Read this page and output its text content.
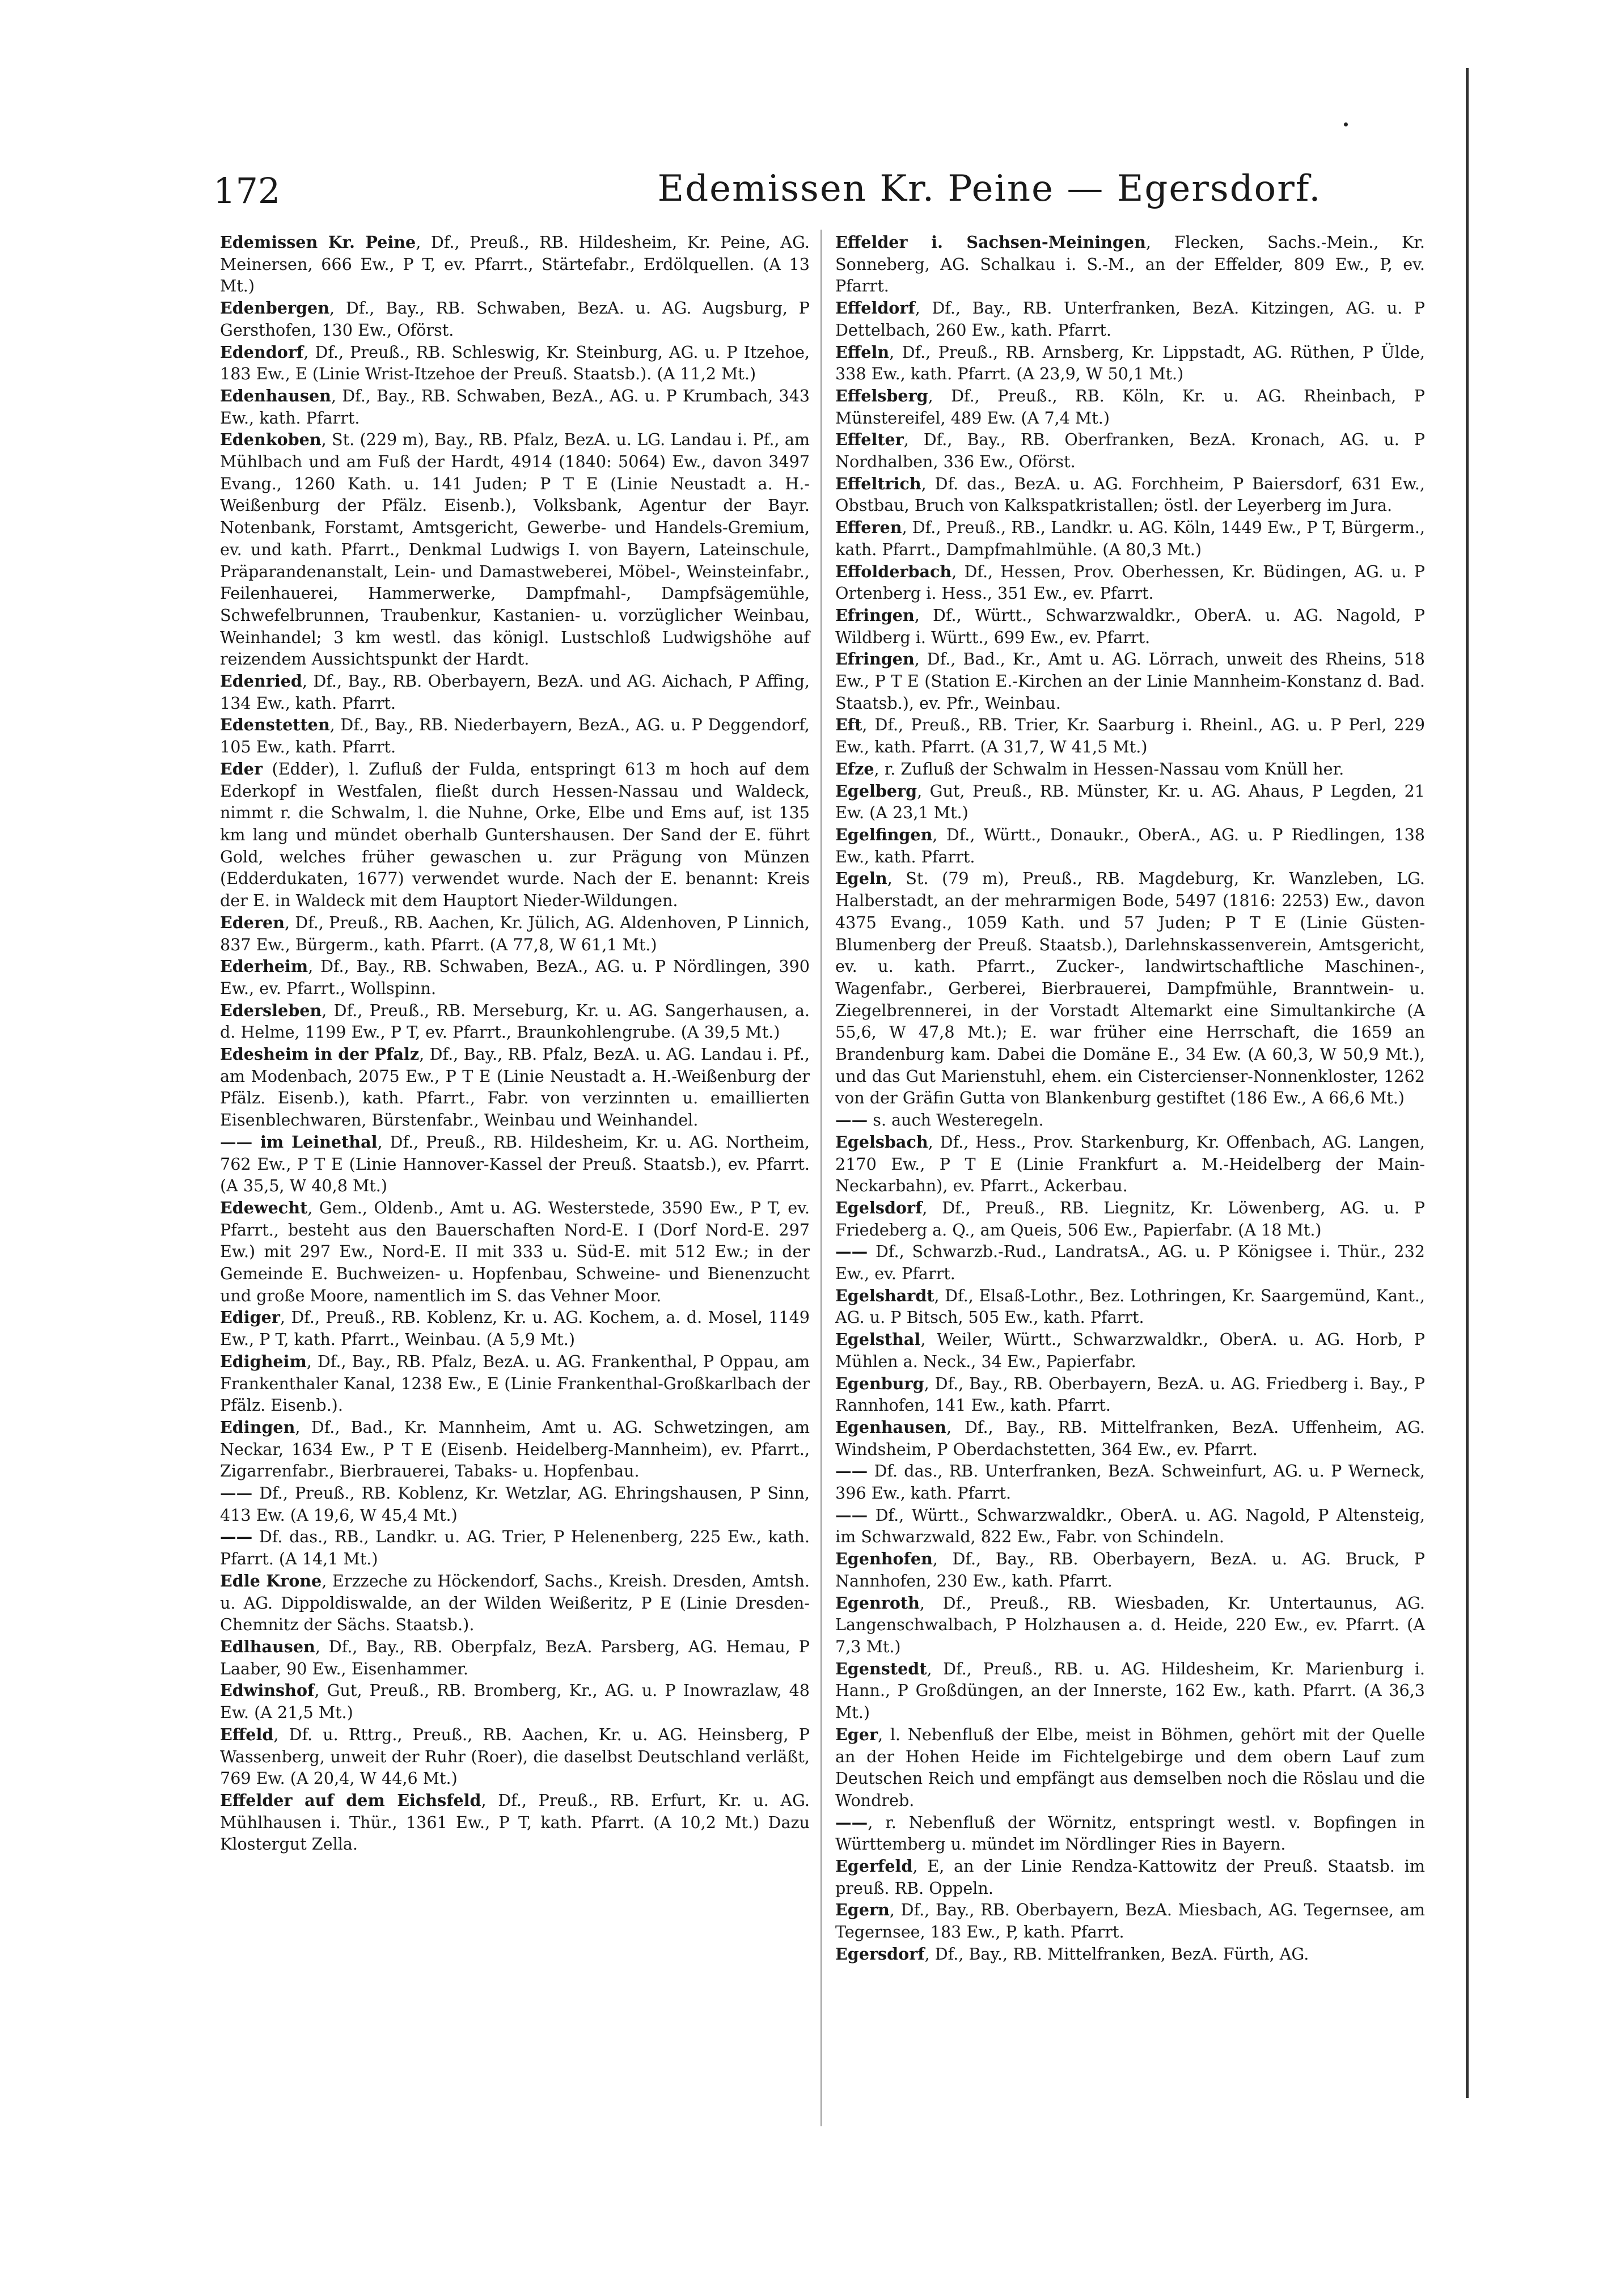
172	Edemissen Kr. Peine — Egersdorf.

Edemissen Kr. Peine, Df., Preuß., RB. Hildesheim, Kr. Peine, AG. Meinersen, 666 Ew., P T, ev. Pfarrt., Stärtefabr., Erdölquellen. (A 13 Mt.)

Edenbergen, Df., Bay., RB. Schwaben, BezA. u. AG. Augsburg, P Gersthofen, 130 Ew., Oförst.

Edendorf, Df., Preuß., RB. Schleswig, Kr. Steinburg, AG. u. P Itzehoe, 183 Ew., E (Linie Wrist-Itzehoe der Preuß. Staatsb.). (A 11,2 Mt.)

Edenhausen, Df., Bay., RB. Schwaben, BezA., AG. u. P Krumbach, 343 Ew., kath. Pfarrt.

Edenkoben, St. (229 m), Bay., RB. Pfalz, BezA. u. LG. Landau i. Pf., am Mühlbach und am Fuß der Hardt, 4914 (1840: 5064) Ew., davon 3497 Evang., 1260 Kath. u. 141 Juden; P T E (Linie Neustadt a. H.-Weißenburg der Pfälz. Eisenb.), Volksbank, Agentur der Bayr. Notenbank, Forstamt, Amtsgericht, Gewerbe- und Handels-Gremium, ev. und kath. Pfarrt., Denkmal Ludwigs I. von Bayern, Lateinschule, Präparandenanstalt, Lein- und Damastweberei, Möbel-, Weinsteinfabr., Feilenhauerei, Hammerwerke, Dampfmahl-, Dampfsägemühle, Schwefelbrunnen, Traubenkur, Kastanien- u. vorzüglicher Weinbau, Weinhandel; 3 km westl. das königl. Lustschloß Ludwigshöhe auf reizendem Aussichtspunkt der Hardt.

Edenried, Df., Bay., RB. Oberbayern, BezA. und AG. Aichach, P Affing, 134 Ew., kath. Pfarrt.

Edenstetten, Df., Bay., RB. Niederbayern, BezA., AG. u. P Deggendorf, 105 Ew., kath. Pfarrt.

Eder (Edder), l. Zufluß der Fulda, entspringt 613 m hoch auf dem Ederkopf in Westfalen, fließt durch Hessen-Nassau und Waldeck, nimmt r. die Schwalm, l. die Nuhne, Orke, Elbe und Ems auf, ist 135 km lang und mündet oberhalb Guntershausen. Der Sand der E. führt Gold, welches früher gewaschen u. zur Prägung von Münzen (Edderdukaten, 1677) verwendet wurde. Nach der E. benannt: Kreis der E. in Waldeck mit dem Hauptort Nieder-Wildungen.

Ederen, Df., Preuß., RB. Aachen, Kr. Jülich, AG. Aldenhoven, P Linnich, 837 Ew., Bürgerm., kath. Pfarrt. (A 77,8, W 61,1 Mt.)

Ederheim, Df., Bay., RB. Schwaben, BezA., AG. u. P Nördlingen, 390 Ew., ev. Pfarrt., Wollspinn.

Edersleben, Df., Preuß., RB. Merseburg, Kr. u. AG. Sangerhausen, a. d. Helme, 1199 Ew., P T, ev. Pfarrt., Braunkohlengrube. (A 39,5 Mt.)

Edesheim in der Pfalz, Df., Bay., RB. Pfalz, BezA. u. AG. Landau i. Pf., am Modenbach, 2075 Ew., P T E (Linie Neustadt a. H.-Weißenburg der Pfälz. Eisenb.), kath. Pfarrt., Fabr. von verzinnten u. emaillierten Eisenblechwaren, Bürstenfabr., Weinbau und Weinhandel.

—— im Leinethal, Df., Preuß., RB. Hildesheim, Kr. u. AG. Northeim, 762 Ew., P T E (Linie Hannover-Kassel der Preuß. Staatsb.), ev. Pfarrt. (A 35,5, W 40,8 Mt.)

Edewecht, Gem., Oldenb., Amt u. AG. Westerstede, 3590 Ew., P T, ev. Pfarrt., besteht aus den Bauerschaften Nord-E. I (Dorf Nord-E. 297 Ew.) mit 297 Ew., Nord-E. II mit 333 u. Süd-E. mit 512 Ew.; in der Gemeinde E. Buchweizen- u. Hopfenbau, Schweine- und Bienenzucht und große Moore, namentlich im S. das Vehner Moor.

Ediger, Df., Preuß., RB. Koblenz, Kr. u. AG. Kochem, a. d. Mosel, 1149 Ew., P T, kath. Pfarrt., Weinbau. (A 5,9 Mt.)

Edigheim, Df., Bay., RB. Pfalz, BezA. u. AG. Frankenthal, P Oppau, am Frankenthaler Kanal, 1238 Ew., E (Linie Frankenthal-Großkarlbach der Pfälz. Eisenb.).

Edingen, Df., Bad., Kr. Mannheim, Amt u. AG. Schwetzingen, am Neckar, 1634 Ew., P T E (Eisenb. Heidelberg-Mannheim), ev. Pfarrt., Zigarrenfabr., Bierbrauerei, Tabaks- u. Hopfenbau.

—— Df., Preuß., RB. Koblenz, Kr. Wetzlar, AG. Ehringshausen, P Sinn, 413 Ew. (A 19,6, W 45,4 Mt.)

—— Df. das., RB., Landkr. u. AG. Trier, P Helenenberg, 225 Ew., kath. Pfarrt. (A 14,1 Mt.)

Edle Krone, Erzzeche zu Höckendorf, Sachs., Kreish. Dresden, Amtsh. u. AG. Dippoldiswalde, an der Wilden Weißeritz, P E (Linie Dresden-Chemnitz der Sächs. Staatsb.).

Edlhausen, Df., Bay., RB. Oberpfalz, BezA. Parsberg, AG. Hemau, P Laaber, 90 Ew., Eisenhammer.

Edwinshof, Gut, Preuß., RB. Bromberg, Kr., AG. u. P Inowrazlaw, 48 Ew. (A 21,5 Mt.)

Effeld, Df. u. Rttrg., Preuß., RB. Aachen, Kr. u. AG. Heinsberg, P Wassenberg, unweit der Ruhr (Roer), die daselbst Deutschland verläßt, 769 Ew. (A 20,4, W 44,6 Mt.)

Effelder auf dem Eichsfeld, Df., Preuß., RB. Erfurt, Kr. u. AG. Mühlhausen i. Thür., 1361 Ew., P T, kath. Pfarrt. (A 10,2 Mt.) Dazu Klostergut Zella.

Effelder i. Sachsen-Meiningen, Flecken, Sachs.-Mein., Kr. Sonneberg, AG. Schalkau i. S.-M., an der Effelder, 809 Ew., P, ev. Pfarrt.

Effeldorf, Df., Bay., RB. Unterfranken, BezA. Kitzingen, AG. u. P Dettelbach, 260 Ew., kath. Pfarrt.

Effeln, Df., Preuß., RB. Arnsberg, Kr. Lippstadt, AG. Rüthen, P Ülde, 338 Ew., kath. Pfarrt. (A 23,9, W 50,1 Mt.)

Effelsberg, Df., Preuß., RB. Köln, Kr. u. AG. Rheinbach, P Münstereifel, 489 Ew. (A 7,4 Mt.)

Effelter, Df., Bay., RB. Oberfranken, BezA. Kronach, AG. u. P Nordhalben, 336 Ew., Oförst.

Effeltrich, Df. das., BezA. u. AG. Forchheim, P Baiersdorf, 631 Ew., Obstbau, Bruch von Kalkspatkristallen; östl. der Leyerberg im Jura.

Efferen, Df., Preuß., RB., Landkr. u. AG. Köln, 1449 Ew., P T, Bürgerm., kath. Pfarrt., Dampfmahlmühle. (A 80,3 Mt.)

Effolderbach, Df., Hessen, Prov. Oberhessen, Kr. Büdingen, AG. u. P Ortenberg i. Hess., 351 Ew., ev. Pfarrt.

Efringen, Df., Württ., Schwarzwaldkr., OberA. u. AG. Nagold, P Wildberg i. Württ., 699 Ew., ev. Pfarrt.

Efringen, Df., Bad., Kr., Amt u. AG. Lörrach, unweit des Rheins, 518 Ew., P T E (Station E.-Kirchen an der Linie Mannheim-Konstanz d. Bad. Staatsb.), ev. Pfr., Weinbau.

Eft, Df., Preuß., RB. Trier, Kr. Saarburg i. Rheinl., AG. u. P Perl, 229 Ew., kath. Pfarrt. (A 31,7, W 41,5 Mt.)

Efze, r. Zufluß der Schwalm in Hessen-Nassau vom Knüll her.

Egelberg, Gut, Preuß., RB. Münster, Kr. u. AG. Ahaus, P Legden, 21 Ew. (A 23,1 Mt.)

Egelfingen, Df., Württ., Donaukr., OberA., AG. u. P Riedlingen, 138 Ew., kath. Pfarrt.

Egeln, St. (79 m), Preuß., RB. Magdeburg, Kr. Wanzleben, LG. Halberstadt, an der mehrarmigen Bode, 5497 (1816: 2253) Ew., davon 4375 Evang., 1059 Kath. und 57 Juden; P T E (Linie Güsten-Blumenberg der Preuß. Staatsb.), Darlehnskassenverein, Amtsgericht, ev. u. kath. Pfarrt., Zucker-, landwirtschaftliche Maschinen-, Wagenfabr., Gerberei, Bierbrauerei, Dampfmühle, Branntwein- u. Ziegelbrennerei, in der Vorstadt Altemarkt eine Simultankirche (A 55,6, W 47,8 Mt.); E. war früher eine Herrschaft, die 1659 an Brandenburg kam. Dabei die Domäne E., 34 Ew. (A 60,3, W 50,9 Mt.), und das Gut Marienstuhl, ehem. ein Cistercienser-Nonnenkloster, 1262 von der Gräfin Gutta von Blankenburg gestiftet (186 Ew., A 66,6 Mt.)

—— s. auch Westeregeln.

Egelsbach, Df., Hess., Prov. Starkenburg, Kr. Offenbach, AG. Langen, 2170 Ew., P T E (Linie Frankfurt a. M.-Heidelberg der Main-Neckarbahn), ev. Pfarrt., Ackerbau.

Egelsdorf, Df., Preuß., RB. Liegnitz, Kr. Löwenberg, AG. u. P Friedeberg a. Q., am Queis, 506 Ew., Papierfabr. (A 18 Mt.)

—— Df., Schwarzb.-Rud., LandratsA., AG. u. P Königsee i. Thür., 232 Ew., ev. Pfarrt.

Egelshardt, Df., Elsaß-Lothr., Bez. Lothringen, Kr. Saargemünd, Kant., AG. u. P Bitsch, 505 Ew., kath. Pfarrt.

Egelsthal, Weiler, Württ., Schwarzwaldkr., OberA. u. AG. Horb, P Mühlen a. Neck., 34 Ew., Papierfabr.

Egenburg, Df., Bay., RB. Oberbayern, BezA. u. AG. Friedberg i. Bay., P Rannhofen, 141 Ew., kath. Pfarrt.

Egenhausen, Df., Bay., RB. Mittelfranken, BezA. Uffenheim, AG. Windsheim, P Oberdachstetten, 364 Ew., ev. Pfarrt.

—— Df. das., RB. Unterfranken, BezA. Schweinfurt, AG. u. P Werneck, 396 Ew., kath. Pfarrt.

—— Df., Württ., Schwarzwaldkr., OberA. u. AG. Nagold, P Altensteig, im Schwarzwald, 822 Ew., Fabr. von Schindeln.

Egenhofen, Df., Bay., RB. Oberbayern, BezA. u. AG. Bruck, P Nannhofen, 230 Ew., kath. Pfarrt.

Egenroth, Df., Preuß., RB. Wiesbaden, Kr. Untertaunus, AG. Langenschwalbach, P Holzhausen a. d. Heide, 220 Ew., ev. Pfarrt. (A 7,3 Mt.)

Egenstedt, Df., Preuß., RB. u. AG. Hildesheim, Kr. Marienburg i. Hann., P Großdüngen, an der Innerste, 162 Ew., kath. Pfarrt. (A 36,3 Mt.)

Eger, l. Nebenfluß der Elbe, meist in Böhmen, gehört mit der Quelle an der Hohen Heide im Fichtelgebirge und dem obern Lauf zum Deutschen Reich und empfängt aus demselben noch die Röslau und die Wondreb.

——, r. Nebenfluß der Wörnitz, entspringt westl. v. Bopfingen in Württemberg u. mündet im Nördlinger Ries in Bayern.

Egerfeld, E, an der Linie Rendza-Kattowitz der Preuß. Staatsb. im preuß. RB. Oppeln.

Egern, Df., Bay., RB. Oberbayern, BezA. Miesbach, AG. Tegernsee, am Tegernsee, 183 Ew., P, kath. Pfarrt.

Egersdorf, Df., Bay., RB. Mittelfranken, BezA. Fürth, AG.
